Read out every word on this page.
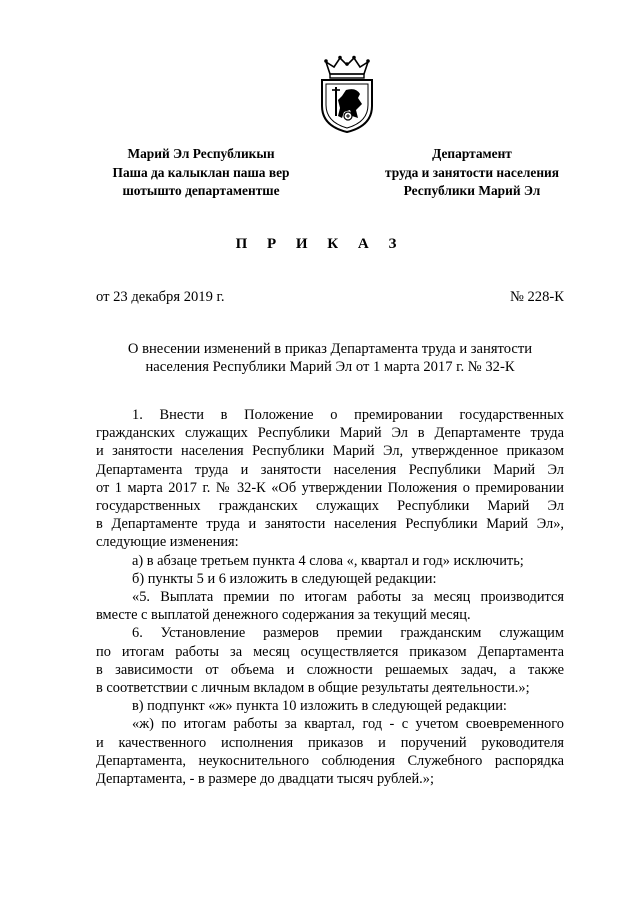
Марий Эл Республикын
Паша да калыклан паша вер
шотышто департаментше
Департамент
труда и занятости населения
Республики Марий Эл
П Р И К А З
от 23 декабря 2019 г.	№ 228-К
О внесении изменений в приказ Департамента труда и занятости
населения Республики Марий Эл от 1 марта 2017 г. № 32-К
1. Внести в Положение о премировании государственных
гражданских служащих Республики Марий Эл в Департаменте труда
и занятости населения Республики Марий Эл, утвержденное приказом
Департамента труда и занятости населения Республики Марий Эл
от 1 марта 2017 г. № 32-К «Об утверждении Положения о премировании
государственных гражданских служащих Республики Марий Эл
в Департаменте труда и занятости населения Республики Марий Эл»,
следующие изменения:
а) в абзаце третьем пункта 4 слова «, квартал и год» исключить;
б) пункты 5 и 6 изложить в следующей редакции:
«5. Выплата премии по итогам работы за месяц производится
вместе с выплатой денежного содержания за текущий месяц.
6. Установление размеров премии гражданским служащим
по итогам работы за месяц осуществляется приказом Департамента
в зависимости от объема и сложности решаемых задач, а также
в соответствии с личным вкладом в общие результаты деятельности.»;
в) подпункт «ж» пункта 10 изложить в следующей редакции:
«ж) по итогам работы за квартал, год - с учетом своевременного
и качественного исполнения приказов и поручений руководителя
Департамента, неукоснительного соблюдения Служебного распорядка
Департамента, - в размере до двадцати тысяч рублей.»;
